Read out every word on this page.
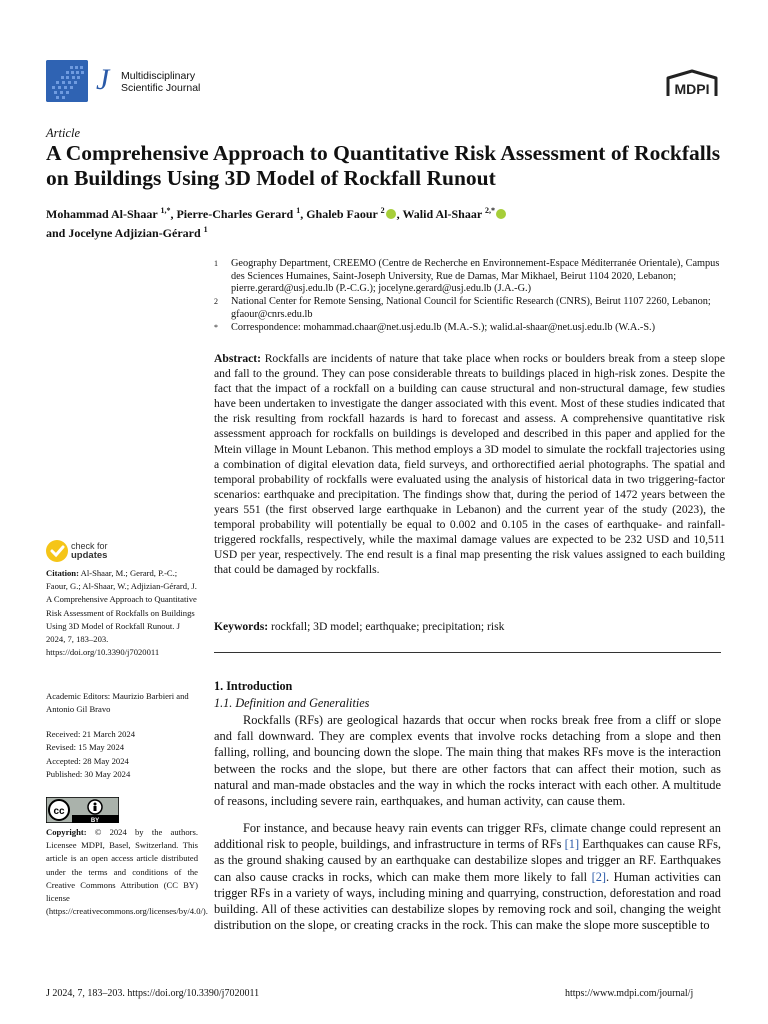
J Multidisciplinary
Scientific Journal	MDPI
Article
A Comprehensive Approach to Quantitative Risk Assessment of Rockfalls on Buildings Using 3D Model of Rockfall Runout
Mohammad Al-Shaar $^{1,*}$, Pierre-Charles Gerard $^1$, Ghaleb Faour $^2$ , Walid Al-Shaar $^{2,*}$
and Jocelyne Adjizian-Gérard $^1$
1 Geography Department, CREEMO (Centre de Recherche en Environnement-Espace Méditerranée Orientale), Campus des Sciences Humaines, Saint-Joseph University, Rue de Damas, Mar Mikhael, Beirut 1104 2020, Lebanon; pierre.gerard@usj.edu.lb (P.-C.G.); jocelyne.gerard@usj.edu.lb (J.A.-G.)
2 National Center for Remote Sensing, National Council for Scientific Research (CNRS), Beirut 1107 2260, Lebanon; gfaour@cnrs.edu.lb
* Correspondence: mohammad.chaar@net.usj.edu.lb (M.A.-S.); walid.al-shaar@net.usj.edu.lb (W.A.-S.)
Abstract: Rockfalls are incidents of nature that take place when rocks or boulders break from a steep slope and fall to the ground. They can pose considerable threats to buildings placed in high-risk zones. Despite the fact that the impact of a rockfall on a building can cause structural and non-structural damage, few studies have been undertaken to investigate the danger associated with this event. Most of these studies indicated that the risk resulting from rockfall hazards is hard to forecast and assess. A comprehensive quantitative risk assessment approach for rockfalls on buildings is developed and described in this paper and applied for the Mtein village in Mount Lebanon. This method employs a 3D model to simulate the rockfall trajectories using a combination of digital elevation data, field surveys, and orthorectified aerial photographs. The spatial and temporal probability of rockfalls were evaluated using the analysis of historical data in two triggering-factor scenarios: earthquake and precipitation. The findings show that, during the period of 1472 years between the years 551 (the first observed large earthquake in Lebanon) and the current year of the study (2023), the temporal probability will potentially be equal to 0.002 and 0.105 in the cases of earthquake- and rainfall-triggered rockfalls, respectively, while the maximal damage values are expected to be 232 USD and 10,511 USD per year, respectively. The end result is a final map presenting the risk values assigned to each building that could be damaged by rockfalls.
Keywords: rockfall; 3D model; earthquake; precipitation; risk
1. Introduction
1.1. Definition and Generalities
Rockfalls (RFs) are geological hazards that occur when rocks break free from a cliff or slope and fall downward. They are complex events that involve rocks detaching from a slope and then falling, rolling, and bouncing down the slope. The main thing that makes RFs move is the interaction between the rocks and the slope, but there are other factors that can affect their motion, such as natural and man-made obstacles and the way in which the rocks interact with each other. A multitude of reasons, including severe rain, earthquakes, and human activity, can cause them.
For instance, and because heavy rain events can trigger RFs, climate change could represent an additional risk to people, buildings, and infrastructure in terms of RFs [1] Earthquakes can cause RFs, as the ground shaking caused by an earthquake can destabilize slopes and trigger an RF. Earthquakes can also cause cracks in rocks, which can make them more likely to fall [2]. Human activities can trigger RFs in a variety of ways, including mining and quarrying, construction, deforestation and road building. All of these activities can destabilize slopes by removing rock and soil, changing the weight distribution on the slope, or creating cracks in the rock. This can make the slope more susceptible to
check for
updates
Citation: Al-Shaar, M.; Gerard, P.-C.; Faour, G.; Al-Shaar, W.; Adjizian-Gérard, J. A Comprehensive Approach to Quantitative Risk Assessment of Rockfalls on Buildings Using 3D Model of Rockfall Runout. J 2024, 7, 183–203. https://doi.org/10.3390/j7020011
Academic Editors: Maurizio Barbieri and Antonio Gil Bravo
Received: 21 March 2024
Revised: 15 May 2024
Accepted: 28 May 2024
Published: 30 May 2024
cc
BY
Copyright: © 2024 by the authors. Licensee MDPI, Basel, Switzerland. This article is an open access article distributed under the terms and conditions of the Creative Commons Attribution (CC BY) license (https://creativecommons.org/licenses/by/4.0/).
J 2024, 7, 183–203. https://doi.org/10.3390/j7020011	https://www.mdpi.com/journal/j
